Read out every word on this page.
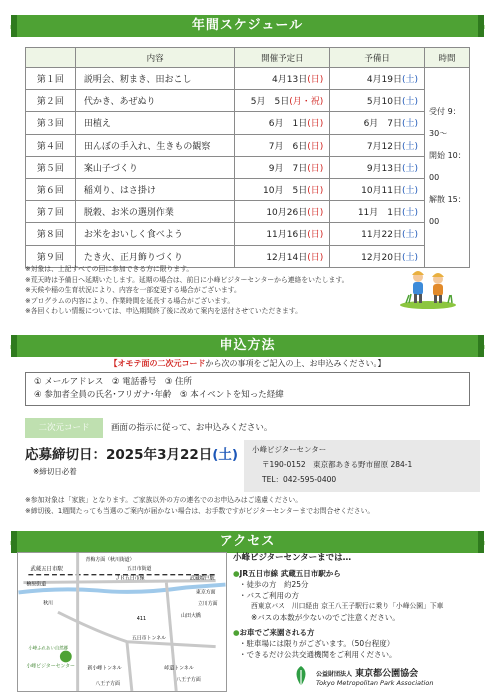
年間スケジュール
	内容	開催予定日	予備日	時間
第１回	説明会、籾まき、田おこし	4月13日(日)	4月19日(土)	受付 9：30～
開始 10：00
解散 15：00

第２回	代かき、あぜぬり	5月　5日(月・祝)	5月10日(土)	
第３回	田植え	6月　1日(日)	6月　7日(土)	
第４回	田んぼの手入れ、生きもの観察	7月　6日(日)	7月12日(土)	
第５回	案山子づくり	9月　7日(日)	9月13日(土)	
第６回	稲刈り、はさ掛け	10月　5日(日)	10月11日(土)	
第７回	脱穀、お米の選別作業	10月26日(日)	11月　1日(土)	
第８回	お米をおいしく食べよう	11月16日(日)	11月22日(土)	
第９回	たき火、正月飾りづくり	12月14日(日)	12月20日(土)	
※対象は、上記すべての回に参加できる方に限ります。
※荒天時は予備日へ延期いたします。延期の場合は、前日に小峰ビジターセンターから連絡をいたします。
※天候や稲の生育状況により、内容を一部変更する場合がございます。
※プログラムの内容により、作業時間を延長する場合がございます。
※各回くわしい情報については、申込期間終了後に改めて案内を送付させていただきます。
申込方法
【オモテ面の二次元コードから次の事項をご記入の上、お申込みください。】
① メールアドレス　② 電話番号　③ 住所
④ 参加者全員の氏名･フリガナ･年齢　⑤ 本イベントを知った経緯
二次元コード	画面の指示に従って、お申込みください。
応募締切日：2025年3月22日(土)
※締切日必着
小峰ビジターセンター
〒190-0152　東京都あきる野市留原 284-1
TEL：042-595-0400
※参加対象は「家族」となります。ご家族以外の方の連名でのお申込みはご遠慮ください。
※締切後、1週間たっても当選のご案内が届かない場合は、お手数ですがビジターセンターまでお問合せください。
アクセス
青梅方面（秋川街道）
武蔵五日市駅	五日市街道
ＪＲ五日市線	武蔵増戸駅
檜原街道
東京方面
立川方面
秋川
山田大橋
五日市トンネル
新小峰トンネル	峠道トンネル
八王子方面
八王子方面
小峰ビジターセンター
小峰ふれあい自然郷
411
小峰ビジターセンターまでは…
●JR五日市線 武蔵五日市駅から
・徒歩の方　約25分
・バスご利用の方
西東京バス　川口経由 京王八王子駅行に乗り「小峰公園」下車
※バスの本数が少ないのでご注意ください。
●お車でご来園される方
・駐車場には限りがございます。（50台程度）
・できるだけ公共交通機関をご利用ください。
公益財団法人 東京都公園協会
Tokyo Metropolitan Park Association
